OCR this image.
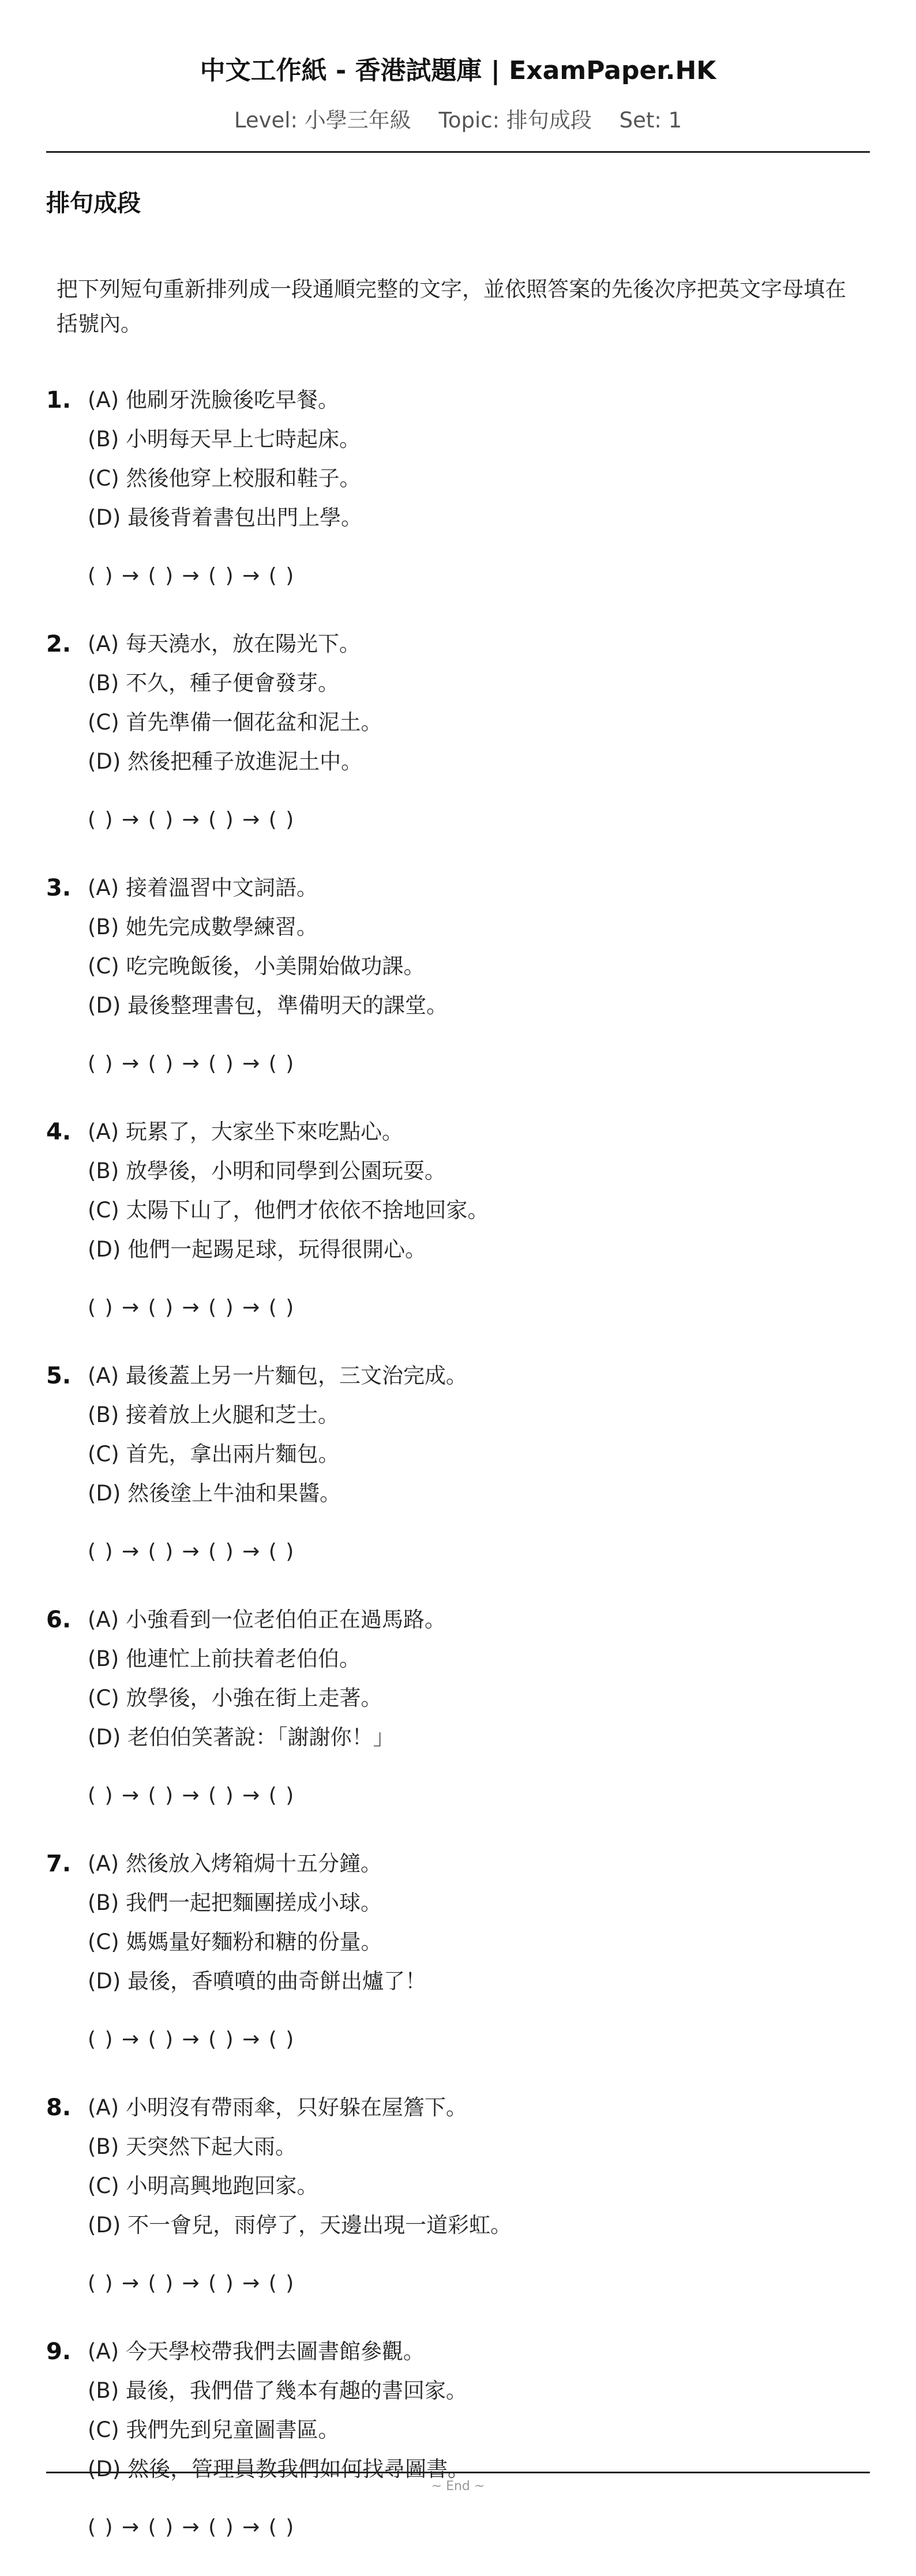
中文工作紙 - 香港試題庫 | ExamPaper.HK
Level: 小學三年級 Topic: 排句成段 Set: 1
排句成段
把下列短句重新排列成一段通順完整的文字，並依照答案的先後次序把英文字母填在括號內。
1. (A) 他刷牙洗臉後吃早餐。
(B) 小明每天早上七時起床。
(C) 然後他穿上校服和鞋子。
(D) 最後背着書包出門上學。
( ) → ( ) → ( ) → ( )
2. (A) 每天澆水，放在陽光下。
(B) 不久，種子便會發芽。
(C) 首先準備一個花盆和泥土。
(D) 然後把種子放進泥土中。
( ) → ( ) → ( ) → ( )
3. (A) 接着溫習中文詞語。
(B) 她先完成數學練習。
(C) 吃完晚飯後，小美開始做功課。
(D) 最後整理書包，準備明天的課堂。
( ) → ( ) → ( ) → ( )
4. (A) 玩累了，大家坐下來吃點心。
(B) 放學後，小明和同學到公園玩耍。
(C) 太陽下山了，他們才依依不捨地回家。
(D) 他們一起踢足球，玩得很開心。
( ) → ( ) → ( ) → ( )
5. (A) 最後蓋上另一片麵包，三文治完成。
(B) 接着放上火腿和芝士。
(C) 首先，拿出兩片麵包。
(D) 然後塗上牛油和果醬。
( ) → ( ) → ( ) → ( )
6. (A) 小強看到一位老伯伯正在過馬路。
(B) 他連忙上前扶着老伯伯。
(C) 放學後，小強在街上走著。
(D) 老伯伯笑著說：「謝謝你！」
( ) → ( ) → ( ) → ( )
7. (A) 然後放入烤箱焗十五分鐘。
(B) 我們一起把麵團搓成小球。
(C) 媽媽量好麵粉和糖的份量。
(D) 最後，香噴噴的曲奇餅出爐了！
( ) → ( ) → ( ) → ( )
8. (A) 小明沒有帶雨傘，只好躲在屋簷下。
(B) 天突然下起大雨。
(C) 小明高興地跑回家。
(D) 不一會兒，雨停了，天邊出現一道彩虹。
( ) → ( ) → ( ) → ( )
9. (A) 今天學校帶我們去圖書館參觀。
(B) 最後，我們借了幾本有趣的書回家。
(C) 我們先到兒童圖書區。
(D) 然後，管理員教我們如何找尋圖書。
( ) → ( ) → ( ) → ( )
~ End ~
